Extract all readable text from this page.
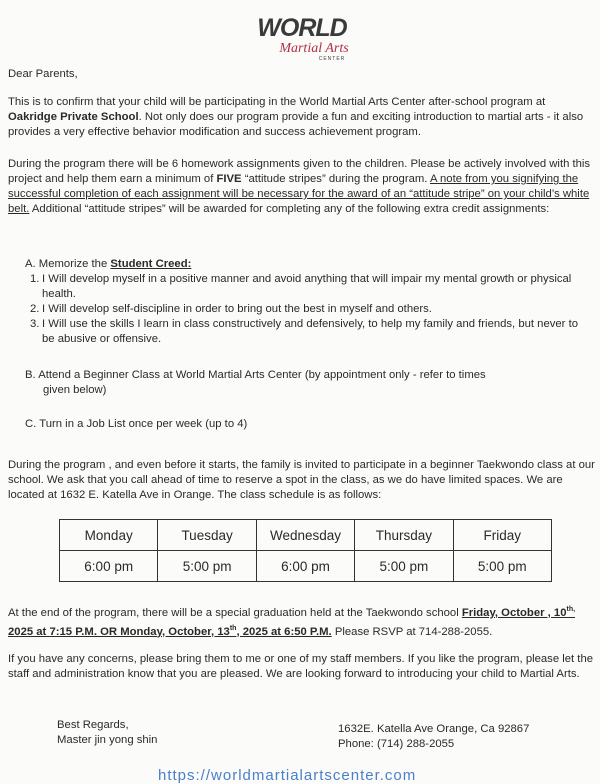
WORLD
Martial Arts
CENTER
Dear Parents,
This is to confirm that your child will be participating in the World Martial Arts Center after-school program at Oakridge Private School. Not only does our program provide a fun and exciting introduction to martial arts - it also provides a very effective behavior modification and success achievement program.
During the program there will be 6 homework assignments given to the children. Please be actively involved with this project and help them earn a minimum of FIVE “attitude stripes” during the program. A note from you signifying the successful completion of each assignment will be necessary for the award of an “attitude stripe” on your child’s white belt. Additional “attitude stripes” will be awarded for completing any of the following extra credit assignments:
A. Memorize the Student Creed:
1. I Will develop myself in a positive manner and avoid anything that will impair my mental growth or physical health.
2. I Will develop self-discipline in order to bring out the best in myself and others.
3. I Will use the skills I learn in class constructively and defensively, to help my family and friends, but never to be abusive or offensive.
B. Attend a Beginner Class at World Martial Arts Center (by appointment only - refer to times
given below)
C. Turn in a Job List once per week (up to 4)
During the program , and even before it starts, the family is invited to participate in a beginner Taekwondo class at our school. We ask that you call ahead of time to reserve a spot in the class, as we do have limited spaces. We are located at 1632 E. Katella Ave in Orange. The class schedule is as follows:
Monday	Tuesday	Wednesday	Thursday	Friday
6:00 pm	5:00 pm	6:00 pm	5:00 pm	5:00 pm
At the end of the program, there will be a special graduation held at the Taekwondo school Friday, October , $10^{th,}$ 2025 at 7:15 P.M. OR Monday, October, 13th, 2025 at 6:50 P.M. Please RSVP at 714-288-2055.
If you have any concerns, please bring them to me or one of my staff members. If you like the program, please let the staff and administration know that you are pleased. We are looking forward to introducing your child to Martial Arts.
Best Regards,
Master jin yong shin
1632E. Katella Ave Orange, Ca 92867
Phone: (714) 288-2055
https://worldmartialartscenter.com
